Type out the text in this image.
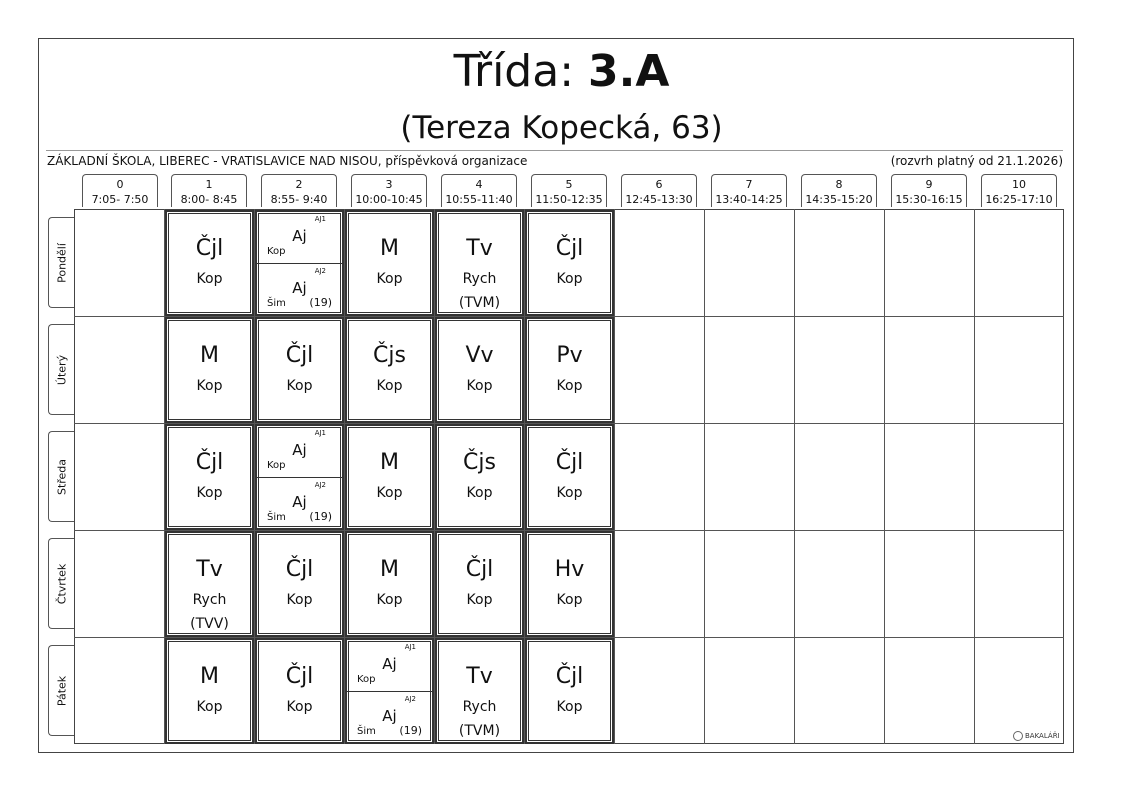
Třída: 3.A
(Tereza Kopecká, 63)
ZÁKLADNÍ ŠKOLA, LIBEREC - VRATISLAVICE NAD NISOU, příspěvková organizace	(rozvrh platný od 21.1.2026)
0
7:05- 7:50
1
8:00- 8:45
2
8:55- 9:40
3
10:00-10:45
4
10:55-11:40
5
11:50-12:35
6
12:45-13:30
7
13:40-14:25
8
14:35-15:20
9
15:30-16:15
10
16:25-17:10
Pondělí
Úterý
Středa
Čtvrtek
Pátek
Čjl
Kop
AJ1
Aj
Kop
AJ2
Aj
Šim (19)
M
Kop
Tv
Rych
(TVM)
Čjl
Kop
M
Kop
Čjl
Kop
Čjs
Kop
Vv
Kop
Pv
Kop
Čjl
Kop
AJ1
Aj
Kop
AJ2
Aj
Šim (19)
M
Kop
Čjs
Kop
Čjl
Kop
Tv
Rych
(TVV)
Čjl
Kop
M
Kop
Čjl
Kop
Hv
Kop
M
Kop
Čjl
Kop
AJ1
Aj
Kop
AJ2
Aj
Šim (19)
Tv
Rych
(TVM)
Čjl
Kop
BAKALÁŘI
